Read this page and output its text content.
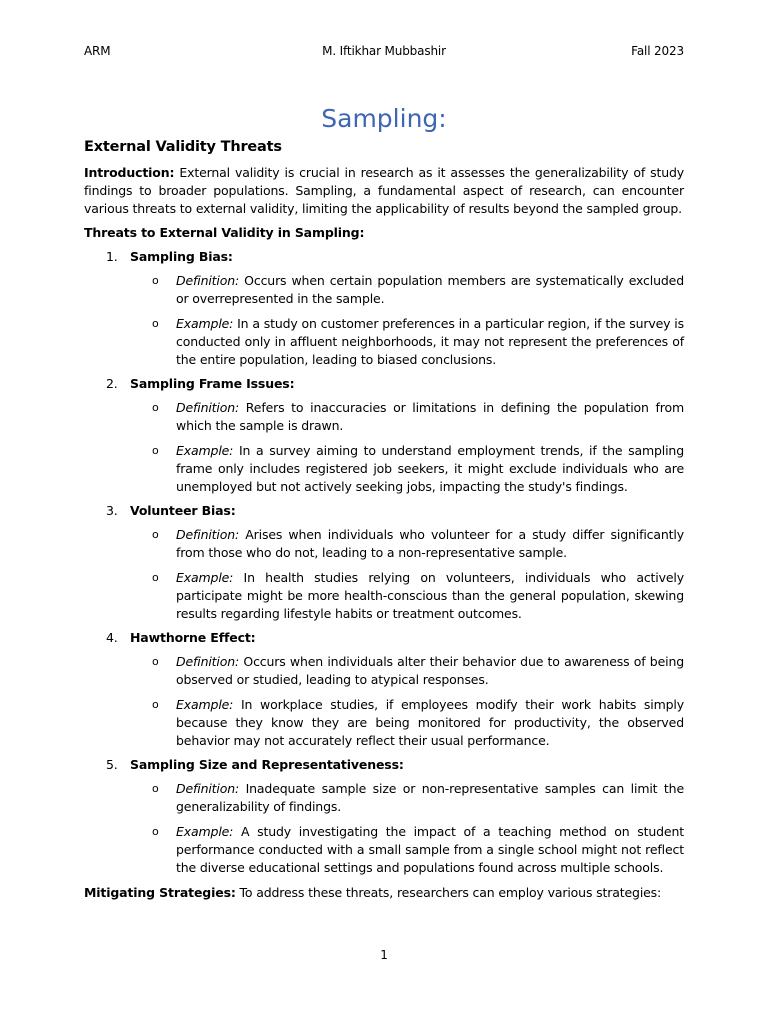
ARM	M. Iftikhar Mubbashir	Fall 2023
Sampling:
External Validity Threats

Introduction: External validity is crucial in research as it assesses the generalizability of study findings to broader populations. Sampling, a fundamental aspect of research, can encounter various threats to external validity, limiting the applicability of results beyond the sampled group.

Threats to External Validity in Sampling:
1. Sampling Bias:
o Definition: Occurs when certain population members are systematically excluded or overrepresented in the sample.
o Example: In a study on customer preferences in a particular region, if the survey is conducted only in affluent neighborhoods, it may not represent the preferences of the entire population, leading to biased conclusions.
2. Sampling Frame Issues:
o Definition: Refers to inaccuracies or limitations in defining the population from which the sample is drawn.
o Example: In a survey aiming to understand employment trends, if the sampling frame only includes registered job seekers, it might exclude individuals who are unemployed but not actively seeking jobs, impacting the study's findings.
3. Volunteer Bias:
o Definition: Arises when individuals who volunteer for a study differ significantly from those who do not, leading to a non-representative sample.
o Example: In health studies relying on volunteers, individuals who actively participate might be more health-conscious than the general population, skewing results regarding lifestyle habits or treatment outcomes.
4. Hawthorne Effect:
o Definition: Occurs when individuals alter their behavior due to awareness of being observed or studied, leading to atypical responses.
o Example: In workplace studies, if employees modify their work habits simply because they know they are being monitored for productivity, the observed behavior may not accurately reflect their usual performance.
5. Sampling Size and Representativeness:
o Definition: Inadequate sample size or non-representative samples can limit the generalizability of findings.
o Example: A study investigating the impact of a teaching method on student performance conducted with a small sample from a single school might not reflect the diverse educational settings and populations found across multiple schools.

Mitigating Strategies: To address these threats, researchers can employ various strategies:

1
